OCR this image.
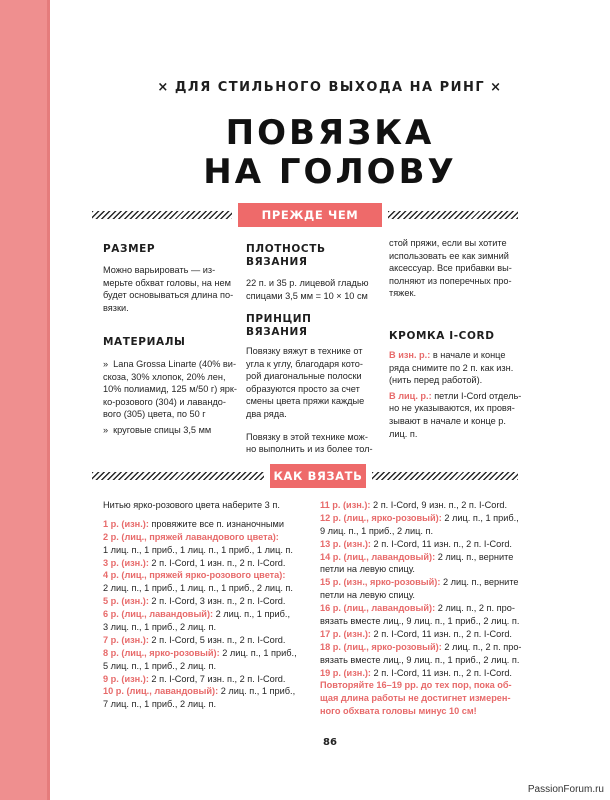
× ДЛЯ СТИЛЬНОГО ВЫХОДА НА РИНГ ×
ПОВЯЗКА
НА ГОЛОВУ
ПРЕЖДЕ ЧЕМ НАЧАТЬ
РАЗМЕР
Можно варьировать — из-
мерьте обхват головы, на нем
будет основываться длина по-
вязки.
МАТЕРИАЛЫ
» Lana Grossa Linarte (40% ви-
скоза, 30% хлопок, 20% лен,
10% полиамид, 125 м/50 г) ярк-
ко-розового (304) и лавандо-
вого (305) цвета, по 50 г
» круговые спицы 3,5 мм
ПЛОТНОСТЬ ВЯЗАНИЯ
22 п. и 35 р. лицевой гладью
спицами 3,5 мм = 10 × 10 см
ПРИНЦИП ВЯЗАНИЯ
Повязку вяжут в технике от
угла к углу, благодаря кото-
рой диагональные полоски
образуются просто за счет
смены цвета пряжи каждые
два ряда.
Повязку в этой технике мож-
но выполнить и из более тол-
стой пряжи, если вы хотите
использовать ее как зимний
аксессуар. Все прибавки вы-
полняют из поперечных про-
тяжек.
КРОМКА I-CORD
В изн. р.: в начале и конце
ряда снимите по 2 п. как изн.
(нить перед работой).
В лиц. р.: петли I-Cord отдель-
но не указываются, их провя-
зывают в начале и конце р.
лиц. п.
КАК ВЯЗАТЬ
Нитью ярко-розового цвета наберите 3 п.
1 р. (изн.): провяжите все п. изнаночными
2 р. (лиц., пряжей лавандового цвета):
1 лиц. п., 1 приб., 1 лиц. п., 1 приб., 1 лиц. п.
3 р. (изн.): 2 п. I-Cord, 1 изн. п., 2 п. I-Cord.
4 р. (лиц., пряжей ярко-розового цвета):
2 лиц. п., 1 приб., 1 лиц. п., 1 приб., 2 лиц. п.
5 р. (изн.): 2 п. I-Cord, 3 изн. п., 2 п. I-Cord.
6 р. (лиц., лавандовый): 2 лиц. п., 1 приб.,
3 лиц. п., 1 приб., 2 лиц. п.
7 р. (изн.): 2 п. I-Cord, 5 изн. п., 2 п. I-Cord.
8 р. (лиц., ярко-розовый): 2 лиц. п., 1 приб.,
5 лиц. п., 1 приб., 2 лиц. п.
9 р. (изн.): 2 п. I-Cord, 7 изн. п., 2 п. I-Cord.
10 р. (лиц., лавандовый): 2 лиц. п., 1 приб.,
7 лиц. п., 1 приб., 2 лиц. п.
11 р. (изн.): 2 п. I-Cord, 9 изн. п., 2 п. I-Cord.
12 р. (лиц., ярко-розовый): 2 лиц. п., 1 приб.,
9 лиц. п., 1 приб., 2 лиц. п.
13 р. (изн.): 2 п. I-Cord, 11 изн. п., 2 п. I-Cord.
14 р. (лиц., лавандовый): 2 лиц. п., верните
петли на левую спицу.
15 р. (изн., ярко-розовый): 2 лиц. п., верните
петли на левую спицу.
16 р. (лиц., лавандовый): 2 лиц. п., 2 п. про-
вязать вместе лиц., 9 лиц. п., 1 приб., 2 лиц. п.
17 р. (изн.): 2 п. I-Cord, 11 изн. п., 2 п. I-Cord.
18 р. (лиц., ярко-розовый): 2 лиц. п., 2 п. про-
вязать вместе лиц., 9 лиц. п., 1 приб., 2 лиц. п.
19 р. (изн.): 2 п. I-Cord, 11 изн. п., 2 п. I-Cord.
Повторяйте 16–19 рр. до тех пор, пока об-
щая длина работы не достигнет измерен-
ного обхвата головы минус 10 см!
86
PassionForum.ru
